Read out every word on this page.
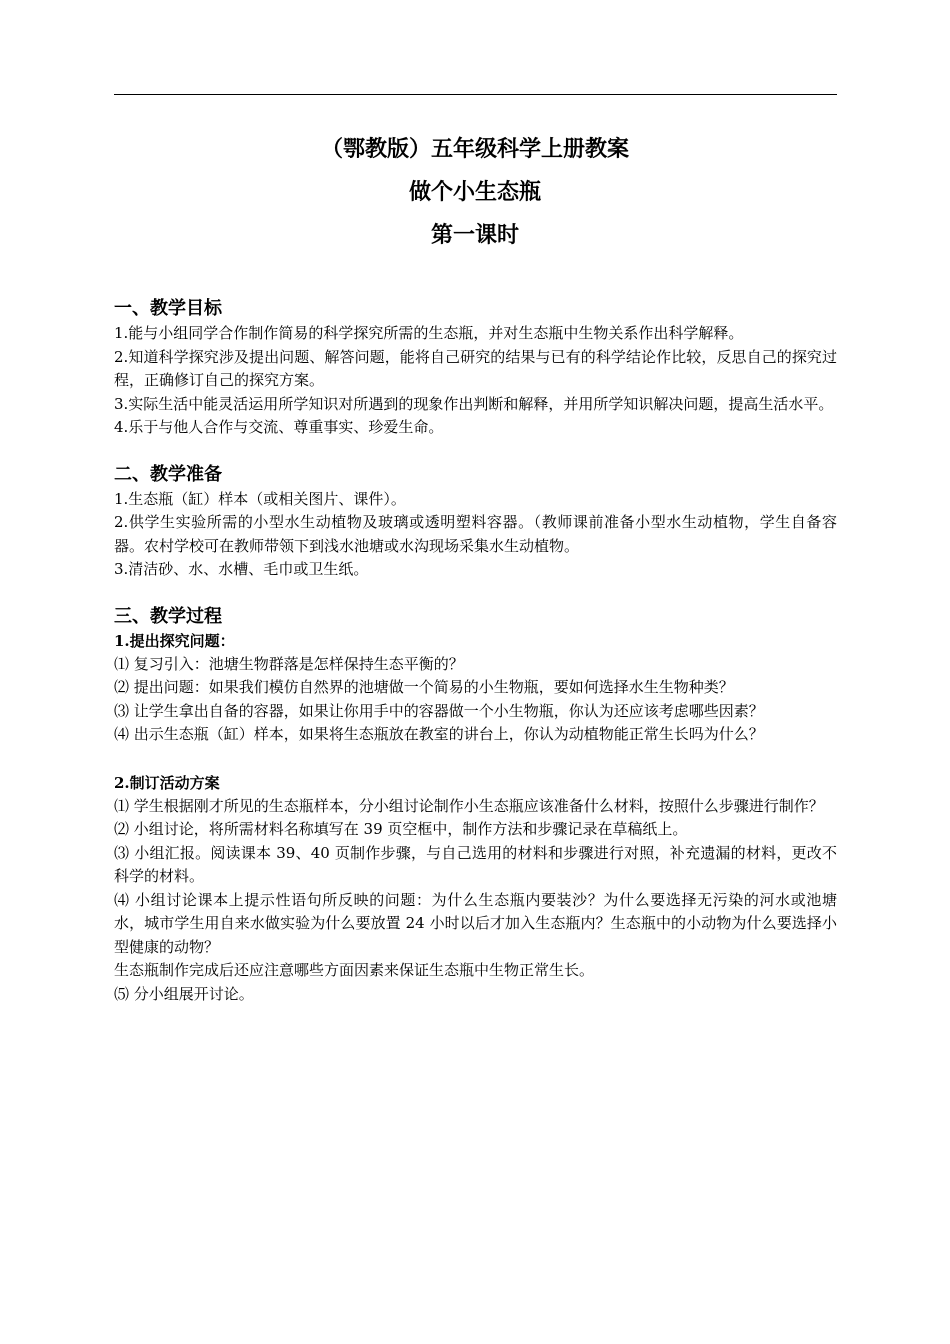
（鄂教版）五年级科学上册教案

做个小生态瓶

第一课时

一、教学目标

1.能与小组同学合作制作简易的科学探究所需的生态瓶，并对生态瓶中生物关系作出科学解释。

2.知道科学探究涉及提出问题、解答问题，能将自己研究的结果与已有的科学结论作比较，反思自己的探究过程，正确修订自己的探究方案。

3.实际生活中能灵活运用所学知识对所遇到的现象作出判断和解释，并用所学知识解决问题，提高生活水平。

4.乐于与他人合作与交流、尊重事实、珍爱生命。

二、教学准备

1.生态瓶（缸）样本（或相关图片、课件）。

2.供学生实验所需的小型水生动植物及玻璃或透明塑料容器。（教师课前准备小型水生动植物，学生自备容器。农村学校可在教师带领下到浅水池塘或水沟现场采集水生动植物。

3.清洁砂、水、水槽、毛巾或卫生纸。

三、教学过程

1.提出探究问题：

⑴ 复习引入：池塘生物群落是怎样保持生态平衡的？

⑵ 提出问题：如果我们模仿自然界的池塘做一个简易的小生物瓶，要如何选择水生生物种类？

⑶ 让学生拿出自备的容器，如果让你用手中的容器做一个小生物瓶，你认为还应该考虑哪些因素？

⑷ 出示生态瓶（缸）样本，如果将生态瓶放在教室的讲台上，你认为动植物能正常生长吗为什么？

2.制订活动方案

⑴ 学生根据刚才所见的生态瓶样本，分小组讨论制作小生态瓶应该准备什么材料，按照什么步骤进行制作？

⑵ 小组讨论，将所需材料名称填写在 39 页空框中，制作方法和步骤记录在草稿纸上。

⑶ 小组汇报。阅读课本 39、40 页制作步骤，与自己选用的材料和步骤进行对照，补充遗漏的材料，更改不科学的材料。

⑷ 小组讨论课本上提示性语句所反映的问题：为什么生态瓶内要装沙？为什么要选择无污染的河水或池塘水，城市学生用自来水做实验为什么要放置 24 小时以后才加入生态瓶内？生态瓶中的小动物为什么要选择小型健康的动物？

生态瓶制作完成后还应注意哪些方面因素来保证生态瓶中生物正常生长。

⑸ 分小组展开讨论。
